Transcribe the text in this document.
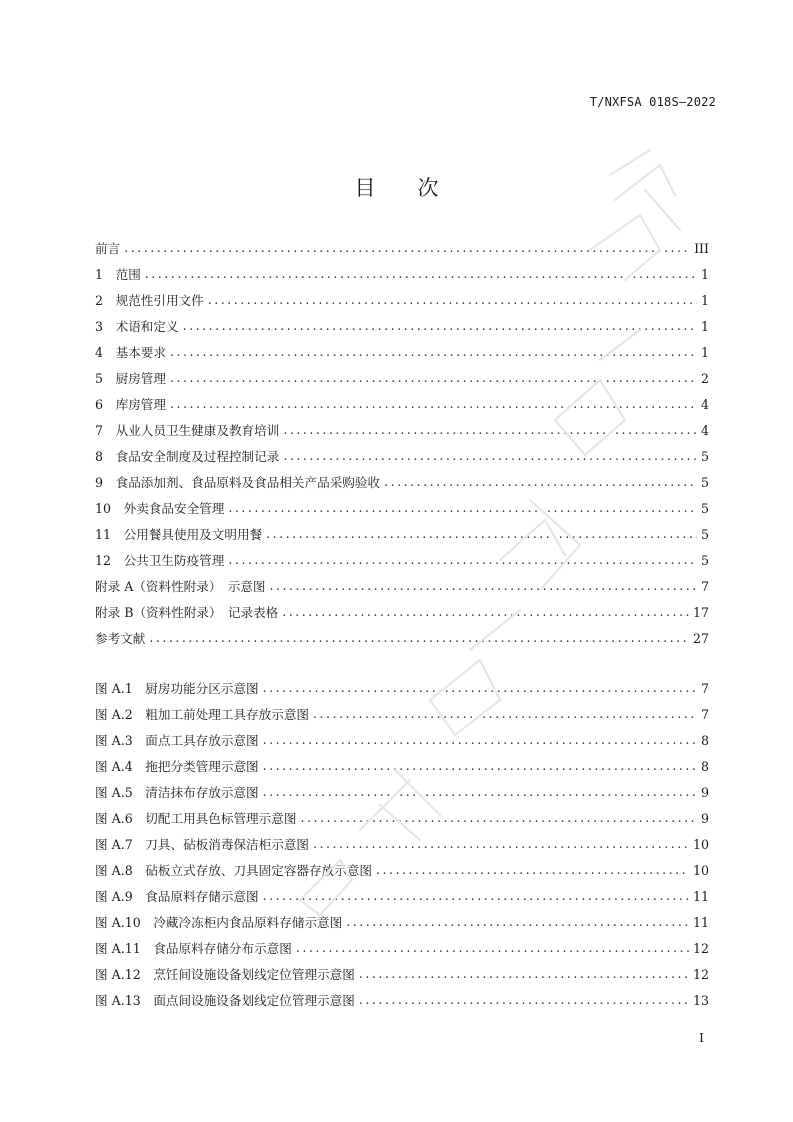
T/NXFSA 018S—2022
目 次
前言 .....	III
1　范围 .....	1
2　规范性引用文件 .....	1
3　术语和定义 .....	1
4　基本要求 .....	1
5　厨房管理 .....	2
6　库房管理 .....	4
7　从业人员卫生健康及教育培训 .....	4
8　食品安全制度及过程控制记录 .....	5
9　食品添加剂、食品原料及食品相关产品采购验收 .....	5
10　外卖食品安全管理 .....	5
11　公用餐具使用及文明用餐 .....	5
12　公共卫生防疫管理 .....	5
附录 A（资料性附录）　示意图 .....	7
附录 B（资料性附录）　记录表格 .....	17
参考文献 .....	27
图 A.1　厨房功能分区示意图 .....	7
图 A.2　粗加工前处理工具存放示意图 .....	7
图 A.3　面点工具存放示意图 .....	8
图 A.4　拖把分类管理示意图 .....	8
图 A.5　清洁抹布存放示意图 .....	9
图 A.6　切配工用具色标管理示意图 .....	9
图 A.7　刀具、砧板消毒保洁柜示意图 .....	10
图 A.8　砧板立式存放、刀具固定容器存放示意图 .....	10
图 A.9　食品原料存储示意图 .....	11
图 A.10　冷藏冷冻柜内食品原料存储示意图 .....	11
图 A.11　食品原料存储分布示意图 .....	12
图 A.12　烹饪间设施设备划线定位管理示意图 .....	12
图 A.13　面点间设施设备划线定位管理示意图 .....	13
I
